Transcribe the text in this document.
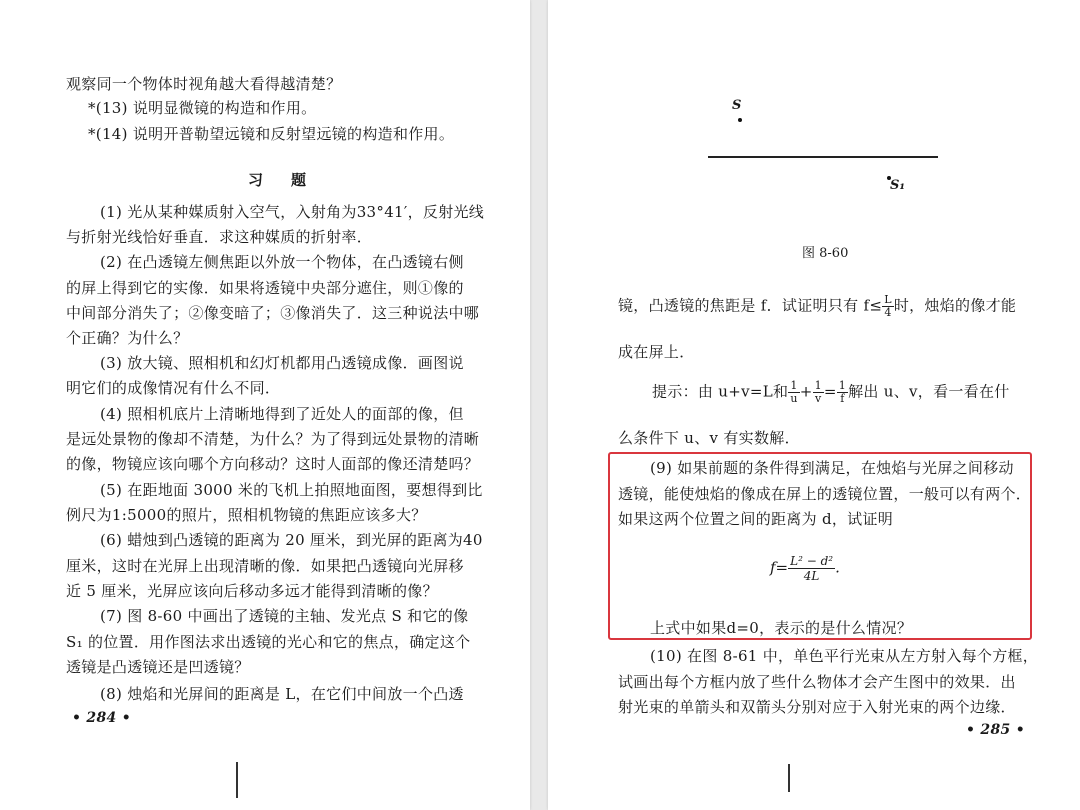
观察同一个物体时视角越大看得越清楚？
*(13) 说明显微镜的构造和作用。
*(14) 说明开普勒望远镜和反射望远镜的构造和作用。
习题
(1) 光从某种媒质射入空气，入射角为33°41′，反射光线
与折射光线恰好垂直．求这种媒质的折射率．
(2) 在凸透镜左侧焦距以外放一个物体，在凸透镜右侧
的屏上得到它的实像．如果将透镜中央部分遮住，则①像的
中间部分消失了；②像变暗了；③像消失了．这三种说法中哪
个正确？为什么？
(3) 放大镜、照相机和幻灯机都用凸透镜成像．画图说
明它们的成像情况有什么不同．
(4) 照相机底片上清晰地得到了近处人的面部的像，但
是远处景物的像却不清楚，为什么？为了得到远处景物的清晰
的像，物镜应该向哪个方向移动？这时人面部的像还清楚吗？
(5) 在距地面 3000 米的飞机上拍照地面图，要想得到比
例尺为1:5000的照片，照相机物镜的焦距应该多大？
(6) 蜡烛到凸透镜的距离为 20 厘米，到光屏的距离为40
厘米，这时在光屏上出现清晰的像．如果把凸透镜向光屏移
近 5 厘米，光屏应该向后移动多远才能得到清晰的像？
(7) 图 8-60 中画出了透镜的主轴、发光点 S 和它的像
S₁ 的位置．用作图法求出透镜的光心和它的焦点，确定这个
透镜是凸透镜还是凹透镜？
(8) 烛焰和光屏间的距离是 L，在它们中间放一个凸透
• 284 •
S
S₁
图 8-60
镜，凸透镜的焦距是 f．试证明只有 $f\le \frac{L}{4}$ 时，烛焰的像才能
成在屏上．
提示：由 u+v=L和 $\frac{1}{u} + \frac{1}{v} = \frac{1}{f}$ 解出 u、v，看一看在什
么条件下 u、v 有实数解．
(9) 如果前题的条件得到满足，在烛焰与光屏之间移动
透镜，能使烛焰的像成在屏上的透镜位置，一般可以有两个．
如果这两个位置之间的距离为 d，试证明
$f= \frac{\text{L² − d²}}{4L}$ .
上式中如果d=0，表示的是什么情况？
(10) 在图 8-61 中，单色平行光束从左方射入每个方框，
试画出每个方框内放了些什么物体才会产生图中的效果．出
射光束的单箭头和双箭头分别对应于入射光束的两个边缘．
• 285 •
